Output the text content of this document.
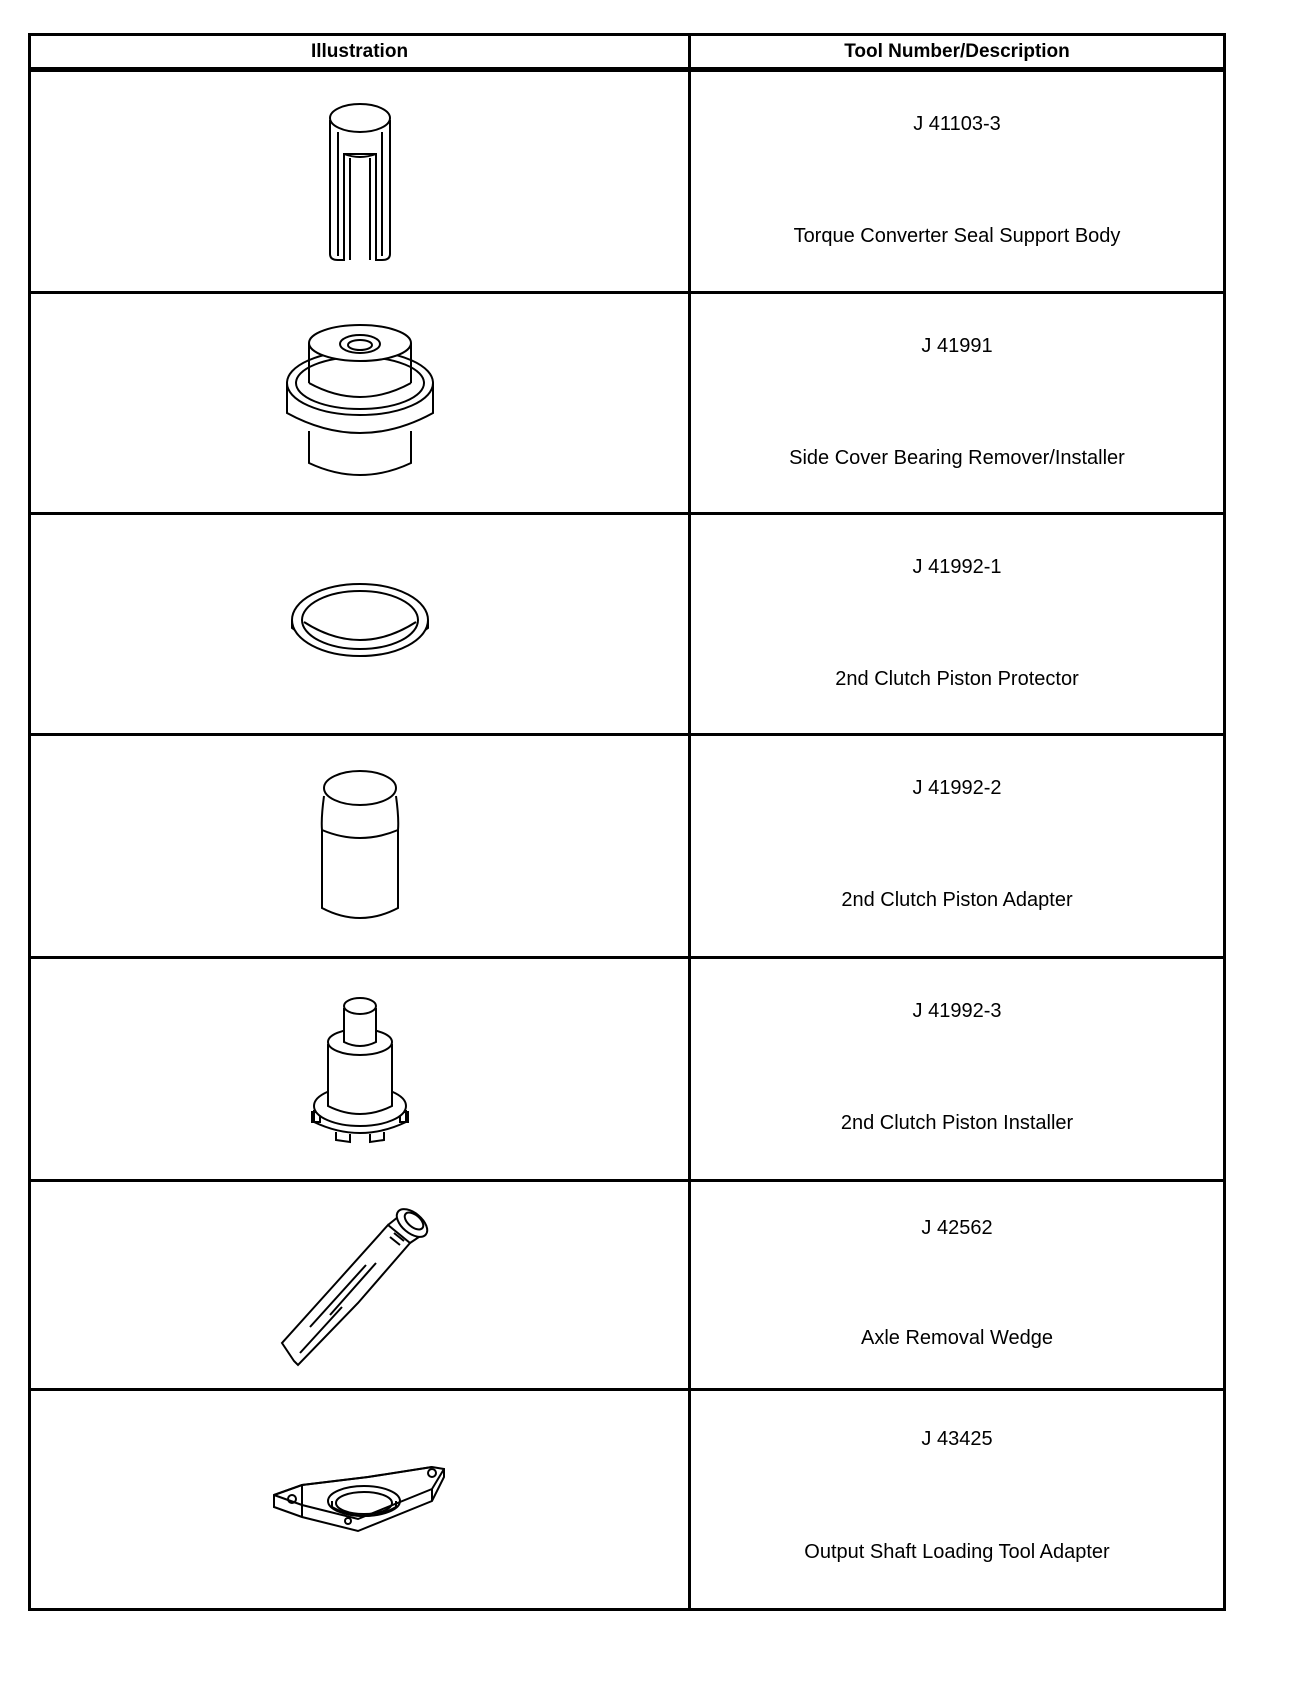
Illustration	Tool Number/Description

J 41103-3
Torque Converter Seal Support Body

J 41991
Side Cover Bearing Remover/Installer

J 41992-1
2nd Clutch Piston Protector

J 41992-2
2nd Clutch Piston Adapter

J 41992-3
2nd Clutch Piston Installer

J 42562
Axle Removal Wedge

J 43425
Output Shaft Loading Tool Adapter
